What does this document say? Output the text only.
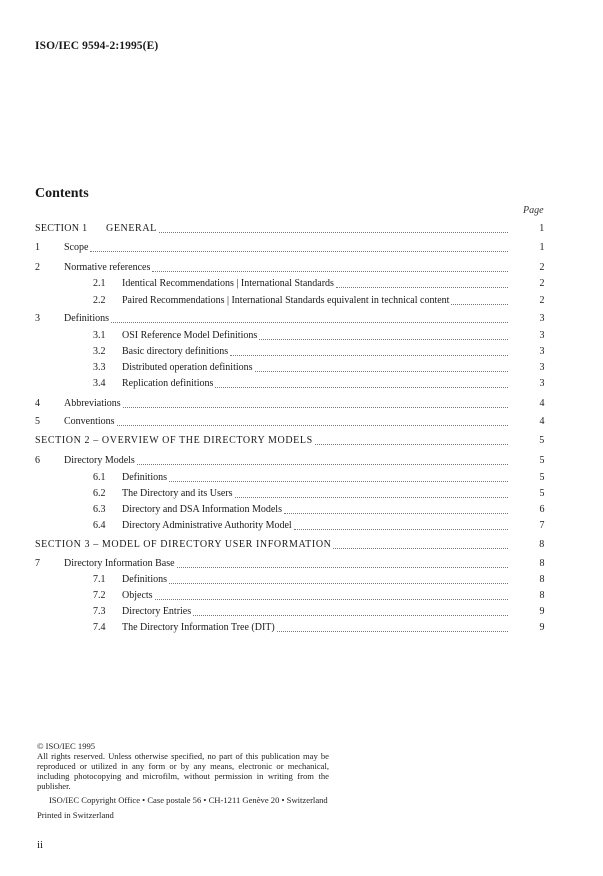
ISO/IEC 9594-2:1995(E)
Contents
Page
SECTION 1 GENERAL	1
1 Scope	1
2 Normative references	2
2.1 Identical Recommendations | International Standards	2
2.2 Paired Recommendations | International Standards equivalent in technical content	2
3 Definitions	3
3.1 OSI Reference Model Definitions	3
3.2 Basic directory definitions	3
3.3 Distributed operation definitions	3
3.4 Replication definitions	3
4 Abbreviations	4
5 Conventions	4
SECTION 2 – OVERVIEW OF THE DIRECTORY MODELS	5
6 Directory Models	5
6.1 Definitions	5
6.2 The Directory and its Users	5
6.3 Directory and DSA Information Models	6
6.4 Directory Administrative Authority Model	7
SECTION 3 – MODEL OF DIRECTORY USER INFORMATION	8
7 Directory Information Base	8
7.1 Definitions	8
7.2 Objects	8
7.3 Directory Entries	9
7.4 The Directory Information Tree (DIT)	9
© ISO/IEC 1995
All rights reserved. Unless otherwise specified, no part of this publication may be reproduced or utilized in any form or by any means, electronic or mechanical, including photocopying and microfilm, without permission in writing from the publisher.
ISO/IEC Copyright Office • Case postale 56 • CH-1211 Genève 20 • Switzerland
Printed in Switzerland
ii
